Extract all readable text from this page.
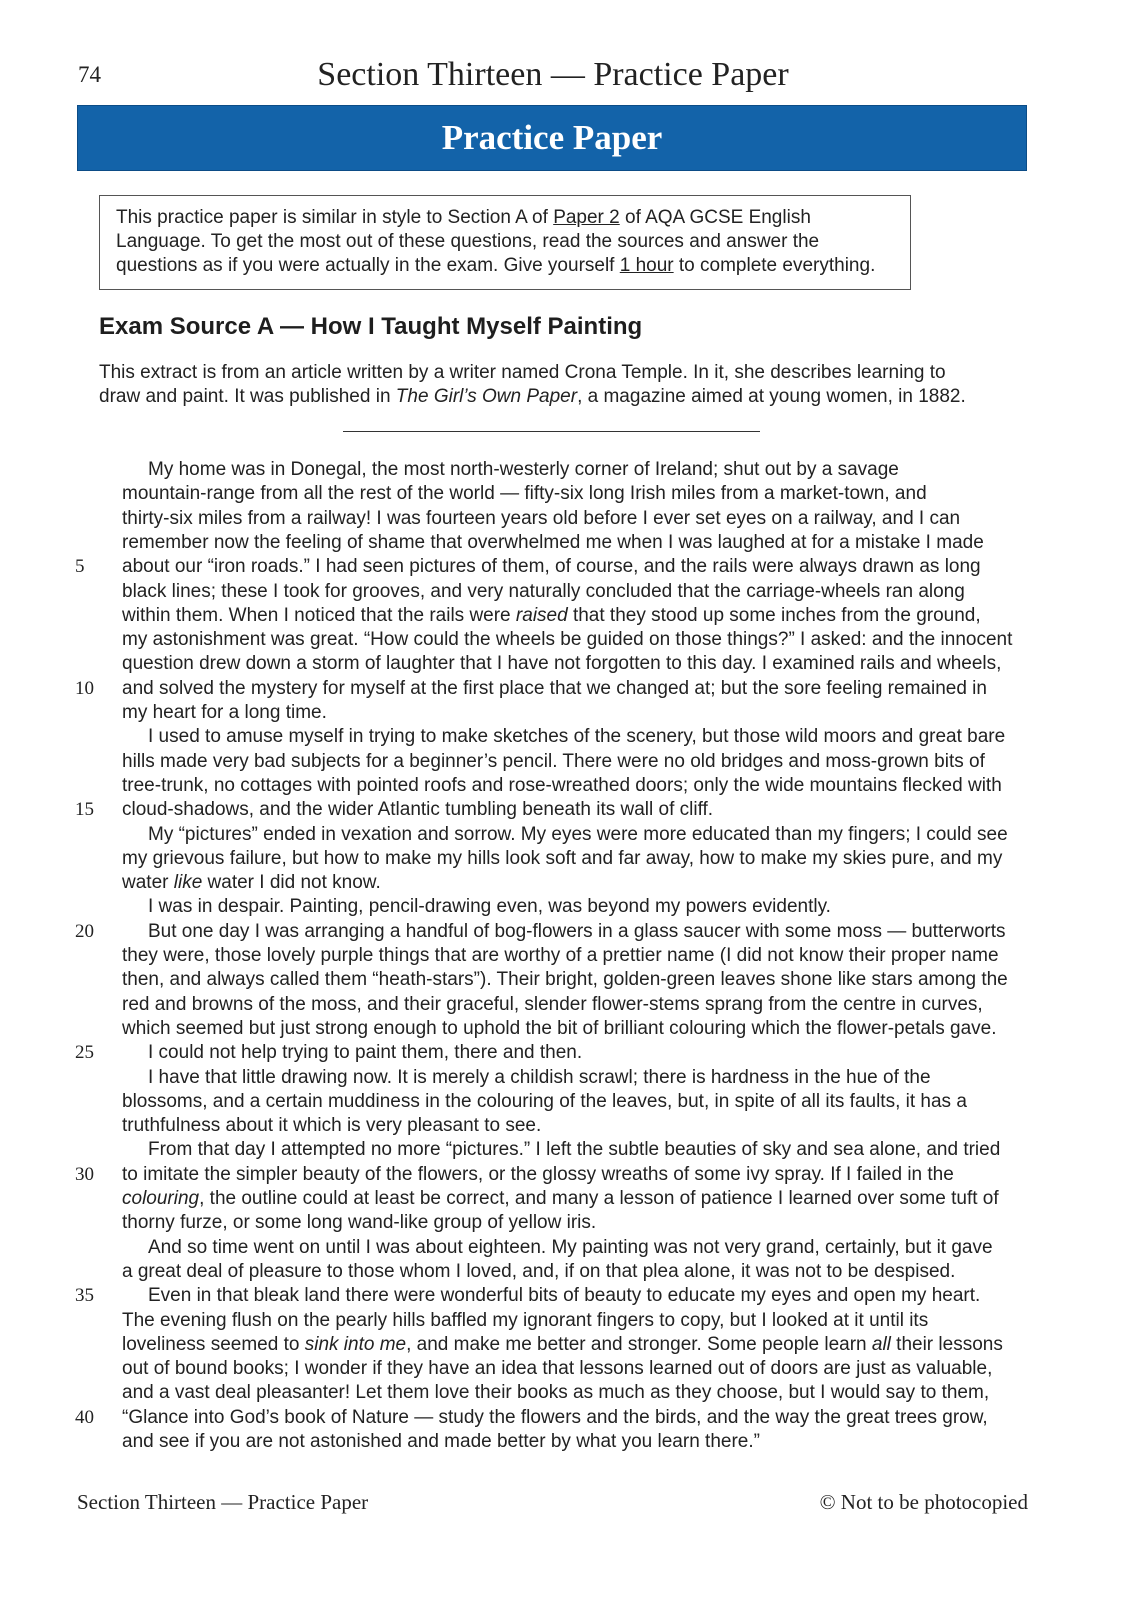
74	Section Thirteen — Practice Paper
Practice Paper
This practice paper is similar in style to Section A of Paper 2 of AQA GCSE English
Language. To get the most out of these questions, read the sources and answer the
questions as if you were actually in the exam. Give yourself 1 hour to complete everything.
Exam Source A — How I Taught Myself Painting
This extract is from an article written by a writer named Crona Temple. In it, she describes learning to
draw and paint. It was published in The Girl’s Own Paper, a magazine aimed at young women, in 1882.
My home was in Donegal, the most north-westerly corner of Ireland; shut out by a savage
mountain-range from all the rest of the world — fifty-six long Irish miles from a market-town, and
thirty-six miles from a railway! I was fourteen years old before I ever set eyes on a railway, and I can
remember now the feeling of shame that overwhelmed me when I was laughed at for a mistake I made
5	about our “iron roads.” I had seen pictures of them, of course, and the rails were always drawn as long
black lines; these I took for grooves, and very naturally concluded that the carriage-wheels ran along
within them. When I noticed that the rails were raised that they stood up some inches from the ground,
my astonishment was great. “How could the wheels be guided on those things?” I asked: and the innocent
question drew down a storm of laughter that I have not forgotten to this day. I examined rails and wheels,
10	and solved the mystery for myself at the first place that we changed at; but the sore feeling remained in
my heart for a long time.
I used to amuse myself in trying to make sketches of the scenery, but those wild moors and great bare
hills made very bad subjects for a beginner’s pencil. There were no old bridges and moss-grown bits of
tree-trunk, no cottages with pointed roofs and rose-wreathed doors; only the wide mountains flecked with
15	cloud-shadows, and the wider Atlantic tumbling beneath its wall of cliff.
My “pictures” ended in vexation and sorrow. My eyes were more educated than my fingers; I could see
my grievous failure, but how to make my hills look soft and far away, how to make my skies pure, and my
water like water I did not know.
I was in despair. Painting, pencil-drawing even, was beyond my powers evidently.
20	But one day I was arranging a handful of bog-flowers in a glass saucer with some moss — butterworts
they were, those lovely purple things that are worthy of a prettier name (I did not know their proper name
then, and always called them “heath-stars”). Their bright, golden-green leaves shone like stars among the
red and browns of the moss, and their graceful, slender flower-stems sprang from the centre in curves,
which seemed but just strong enough to uphold the bit of brilliant colouring which the flower-petals gave.
25	I could not help trying to paint them, there and then.
I have that little drawing now. It is merely a childish scrawl; there is hardness in the hue of the
blossoms, and a certain muddiness in the colouring of the leaves, but, in spite of all its faults, it has a
truthfulness about it which is very pleasant to see.
From that day I attempted no more “pictures.” I left the subtle beauties of sky and sea alone, and tried
30	to imitate the simpler beauty of the flowers, or the glossy wreaths of some ivy spray. If I failed in the
colouring, the outline could at least be correct, and many a lesson of patience I learned over some tuft of
thorny furze, or some long wand-like group of yellow iris.
And so time went on until I was about eighteen. My painting was not very grand, certainly, but it gave
a great deal of pleasure to those whom I loved, and, if on that plea alone, it was not to be despised.
35	Even in that bleak land there were wonderful bits of beauty to educate my eyes and open my heart.
The evening flush on the pearly hills baffled my ignorant fingers to copy, but I looked at it until its
loveliness seemed to sink into me, and make me better and stronger. Some people learn all their lessons
out of bound books; I wonder if they have an idea that lessons learned out of doors are just as valuable,
and a vast deal pleasanter! Let them love their books as much as they choose, but I would say to them,
40	“Glance into God’s book of Nature — study the flowers and the birds, and the way the great trees grow,
and see if you are not astonished and made better by what you learn there.”
Section Thirteen — Practice Paper	© Not to be photocopied
